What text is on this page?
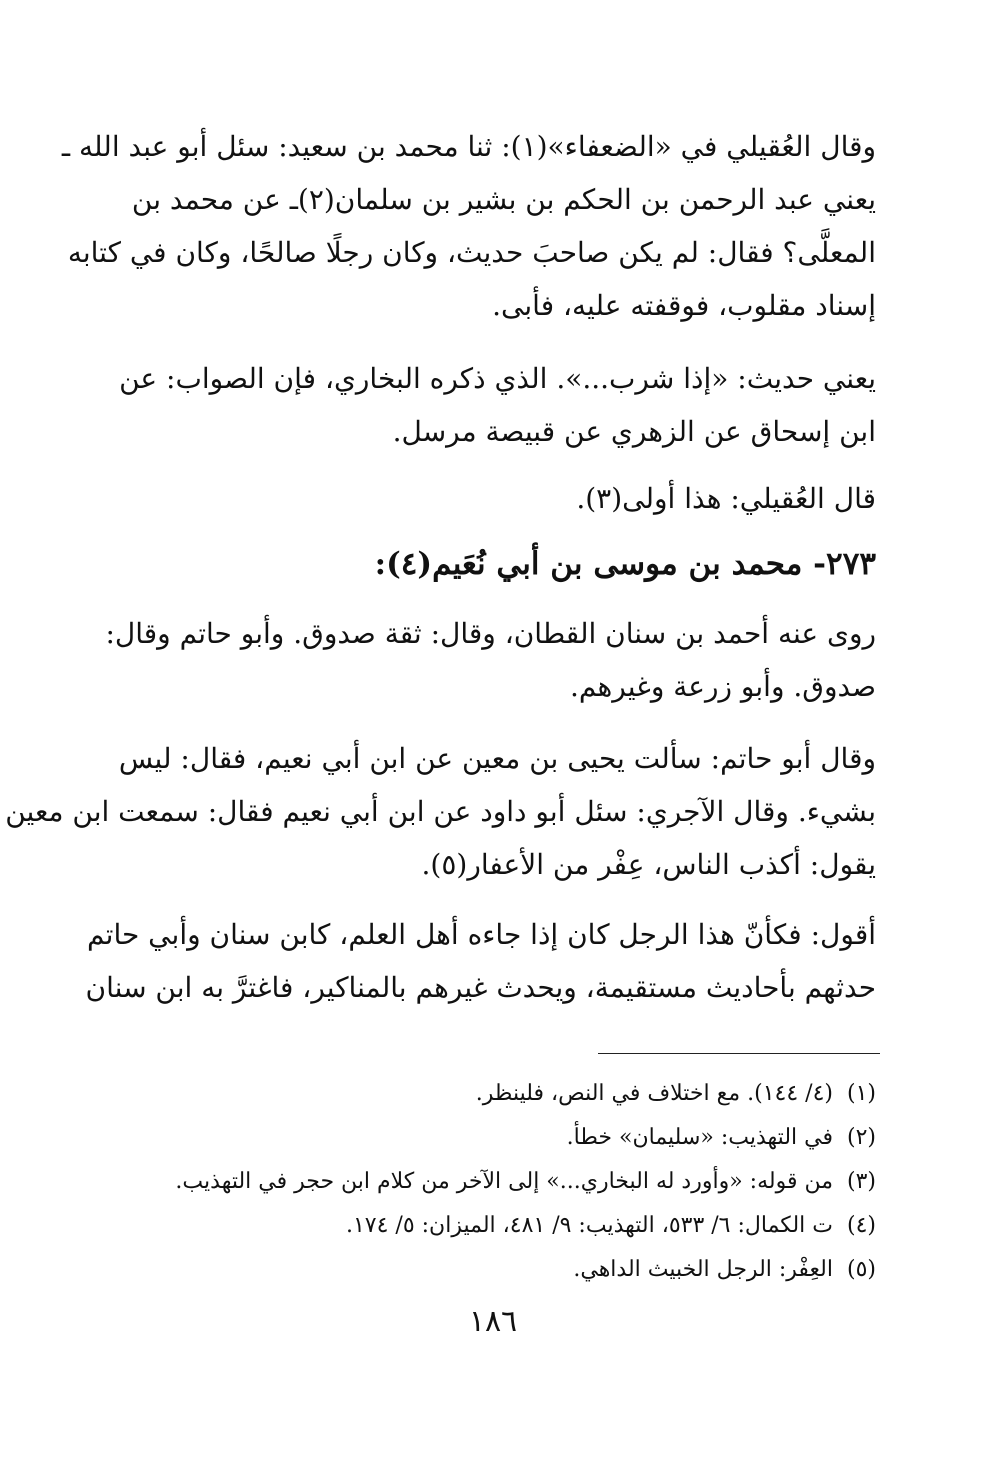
وقال العُقيلي في «الضعفاء»(١): ثنا محمد بن سعيد: سئل أبو عبد الله ـ
يعني عبد الرحمن بن الحكم بن بشير بن سلمان(٢)ـ عن محمد بن
المعلَّى؟ فقال: لم يكن صاحبَ حديث، وكان رجلًا صالحًا، وكان في كتابه
إسناد مقلوب، فوقفته عليه، فأبى.
يعني حديث: «إذا شرب...». الذي ذكره البخاري، فإن الصواب: عن
ابن إسحاق عن الزهري عن قبيصة مرسل.
قال العُقيلي: هذا أولى(٣).
٢٧٣- محمد بن موسى بن أبي نُعَيم(٤):
روى عنه أحمد بن سنان القطان، وقال: ثقة صدوق. وأبو حاتم وقال:
صدوق. وأبو زرعة وغيرهم.
وقال أبو حاتم: سألت يحيى بن معين عن ابن أبي نعيم، فقال: ليس
بشيء. وقال الآجري: سئل أبو داود عن ابن أبي نعيم فقال: سمعت ابن معين
يقول: أكذب الناس، عِفْر من الأعفار(٥).
أقول: فكأنّ هذا الرجل كان إذا جاءه أهل العلم، كابن سنان وأبي حاتم
حدثهم بأحاديث مستقيمة، ويحدث غيرهم بالمناكير، فاغترَّ به ابن سنان
(١)(٤/ ١٤٤). مع اختلاف في النص، فلينظر.
(٢)في التهذيب: «سليمان» خطأ.
(٣)من قوله: «وأورد له البخاري...» إلى الآخر من كلام ابن حجر في التهذيب.
(٤)ت الكمال: ٦/ ٥٣٣، التهذيب: ٩/ ٤٨١، الميزان: ٥/ ١٧٤.
(٥)العِفْر: الرجل الخبيث الداهي.
١٨٦
